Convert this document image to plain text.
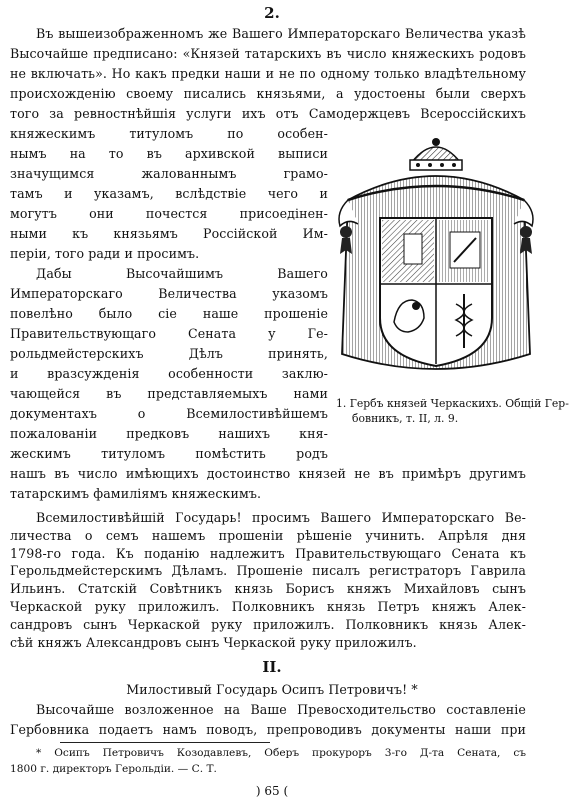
2.
Въ вышеизображенномъ же Вашего Императорскаго Величества указѣ
Высочайше предписано: «Князей татарскихъ въ число княжескихъ родовъ
не включать». Но какъ предки наши и не по одному только владѣтельному
происхожденію своему писались князьями, а удостоены были сверхъ
того за ревностнѣйшія услуги ихъ отъ Самодержцевъ Всероссійскихъ
княжескимъ титуломъ по особен-
нымъ на то въ архивской выписи
значущимся жалованнымъ грамо-
тамъ и указамъ, вслѣдствіе чего и
могутъ они почестся присоедінен-
ными къ князьямъ Россійской Им-
періи, того ради и просимъ.
Дабы Высочайшимъ Вашего
Императорскаго Величества указомъ
повелѣно было сіе наше прошеніе
Правительствующаго Сената у Ге-
рольдмейстерскихъ Дѣлъ принять,
и вразсужденія особенности заклю-
чающейся въ представляемыхъ нами
документахъ о Всемилостивѣйшемъ
пожалованіи предковъ нашихъ кня-
жескимъ титуломъ помѣстить родъ
нашъ въ число имѣющихъ достоинство князей не въ примѣръ другимъ
татарскимъ фамиліямъ княжескимъ.
1. Гербъ князей Черкаскихъ. Общій Гер-
бовникъ, т. II, л. 9.
Всемилостивѣйшій Государь! просимъ Вашего Императорскаго Ве-
личества о семъ нашемъ прошеніи рѣшеніе учинить. Апрѣля дня
1798-го года. Къ поданію надлежитъ Правительствующаго Сената къ
Герольдмейстерскимъ Дѣламъ. Прошеніе писалъ регистраторъ Гаврила
Ильинъ. Статскій Совѣтникъ князь Борисъ княжъ Михайловъ сынъ
Черкаской руку приложилъ. Полковникъ князь Петръ княжъ Алек-
сандровъ сынъ Черкаской руку приложилъ. Полковникъ князь Алек-
сѣй княжъ Александровъ сынъ Черкаской руку приложилъ.
II.
Милостивый Государь Осипъ Петровичъ! *
Высочайше возложенное на Ваше Превосходительство составленіе
Гербовника подаетъ намъ поводъ, препроводивъ документы наши при
* Осипъ Петровичъ Козодавлевъ, Оберъ прокуроръ 3-го Д-та Сената, съ
1800 г. директоръ Герольдіи. — С. Т.
) 65 (
